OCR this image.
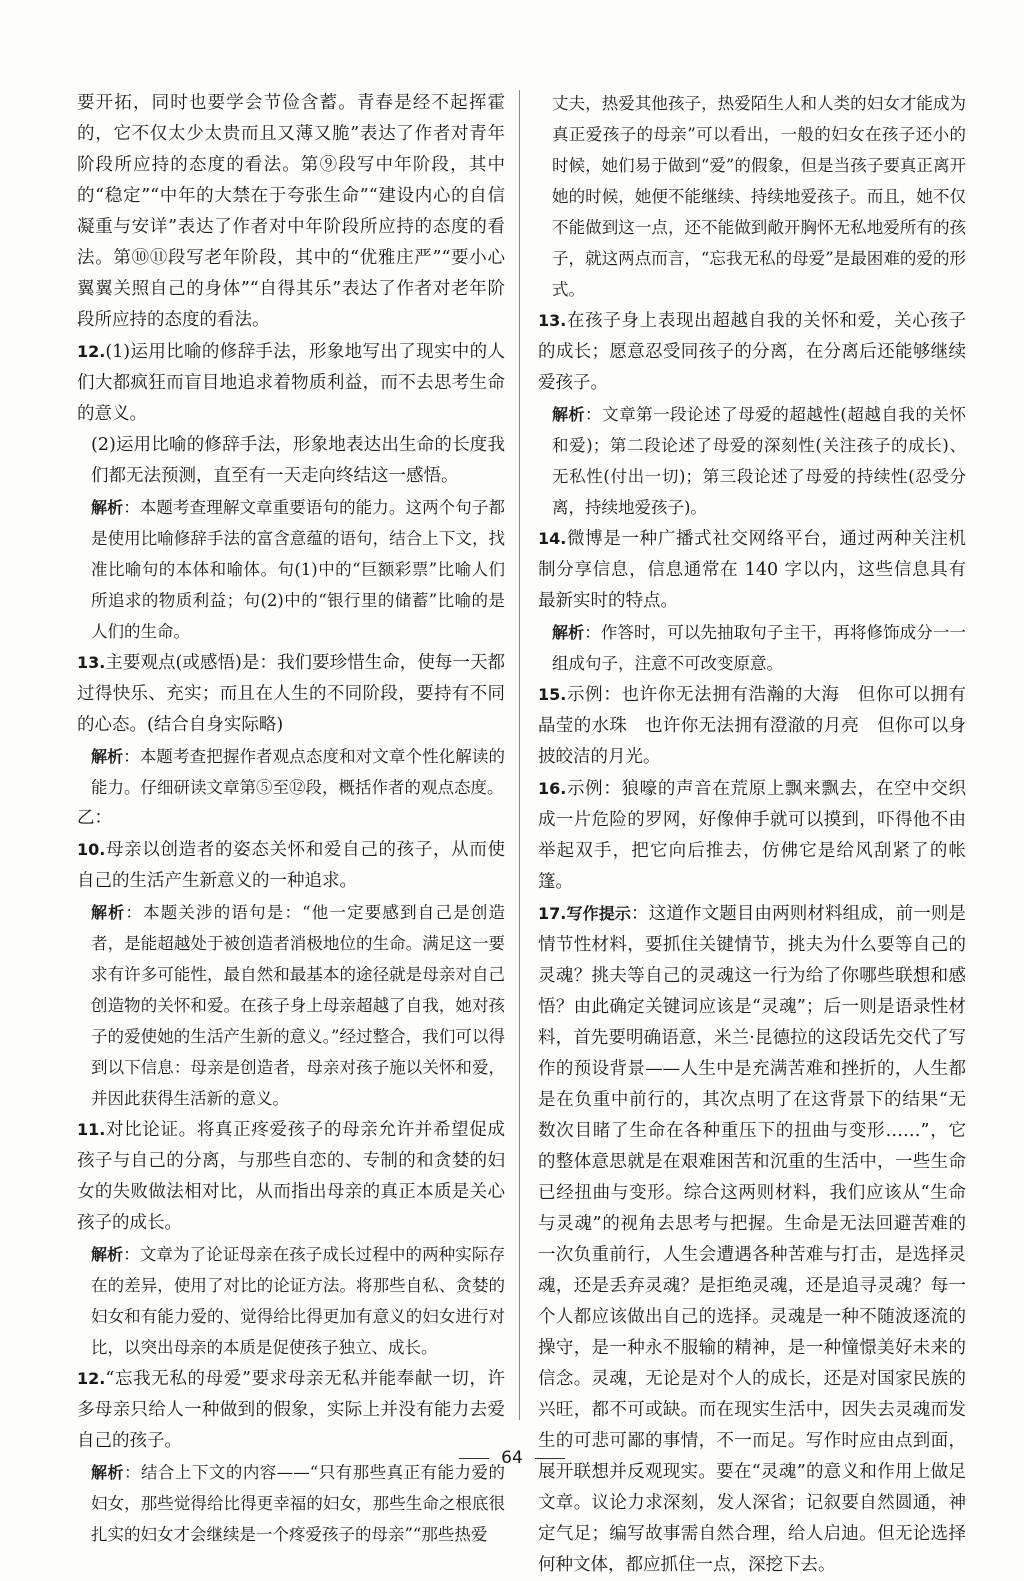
要开拓，同时也要学会节俭含蓄。青春是经不起挥霍的，它不仅太少太贵而且又薄又脆”表达了作者对青年阶段所应持的态度的看法。第⑨段写中年阶段，其中的“稳定”“中年的大禁在于夸张生命”“建设内心的自信凝重与安详”表达了作者对中年阶段所应持的态度的看法。第⑩⑪段写老年阶段，其中的“优雅庄严”“要小心翼翼关照自己的身体”“自得其乐”表达了作者对老年阶段所应持的态度的看法。

12.(1)运用比喻的修辞手法，形象地写出了现实中的人们大都疯狂而盲目地追求着物质利益，而不去思考生命的意义。

(2)运用比喻的修辞手法，形象地表达出生命的长度我们都无法预测，直至有一天走向终结这一感悟。

解析：本题考查理解文章重要语句的能力。这两个句子都是使用比喻修辞手法的富含意蕴的语句，结合上下文，找准比喻句的本体和喻体。句(1)中的“巨额彩票”比喻人们所追求的物质利益；句(2)中的“银行里的储蓄”比喻的是人们的生命。

13.主要观点(或感悟)是：我们要珍惜生命，使每一天都过得快乐、充实；而且在人生的不同阶段，要持有不同的心态。(结合自身实际略)

解析：本题考查把握作者观点态度和对文章个性化解读的能力。仔细研读文章第⑤至⑫段，概括作者的观点态度。

乙：

10.母亲以创造者的姿态关怀和爱自己的孩子，从而使自己的生活产生新意义的一种追求。

解析：本题关涉的语句是：“他一定要感到自己是创造者，是能超越处于被创造者消极地位的生命。满足这一要求有许多可能性，最自然和最基本的途径就是母亲对自己创造物的关怀和爱。在孩子身上母亲超越了自我，她对孩子的爱使她的生活产生新的意义。”经过整合，我们可以得到以下信息：母亲是创造者，母亲对孩子施以关怀和爱，并因此获得生活新的意义。

11.对比论证。将真正疼爱孩子的母亲允许并希望促成孩子与自己的分离，与那些自恋的、专制的和贪婪的妇女的失败做法相对比，从而指出母亲的真正本质是关心孩子的成长。

解析：文章为了论证母亲在孩子成长过程中的两种实际存在的差异，使用了对比的论证方法。将那些自私、贪婪的妇女和有能力爱的、觉得给比得更加有意义的妇女进行对比，以突出母亲的本质是促使孩子独立、成长。

12.“忘我无私的母爱”要求母亲无私并能奉献一切，许多母亲只给人一种做到的假象，实际上并没有能力去爱自己的孩子。

解析：结合上下文的内容——“只有那些真正有能力爱的妇女，那些觉得给比得更幸福的妇女，那些生命之根底很扎实的妇女才会继续是一个疼爱孩子的母亲”“那些热爱

丈夫，热爱其他孩子，热爱陌生人和人类的妇女才能成为真正爱孩子的母亲”可以看出，一般的妇女在孩子还小的时候，她们易于做到“爱”的假象，但是当孩子要真正离开她的时候，她便不能继续、持续地爱孩子。而且，她不仅不能做到这一点，还不能做到敞开胸怀无私地爱所有的孩子，就这两点而言，“忘我无私的母爱”是最困难的爱的形式。

13.在孩子身上表现出超越自我的关怀和爱，关心孩子的成长；愿意忍受同孩子的分离，在分离后还能够继续爱孩子。

解析：文章第一段论述了母爱的超越性(超越自我的关怀和爱)；第二段论述了母爱的深刻性(关注孩子的成长)、无私性(付出一切)；第三段论述了母爱的持续性(忍受分离，持续地爱孩子)。

14.微博是一种广播式社交网络平台，通过两种关注机制分享信息，信息通常在 140 字以内，这些信息具有最新实时的特点。

解析：作答时，可以先抽取句子主干，再将修饰成分一一组成句子，注意不可改变原意。

15.示例：也许你无法拥有浩瀚的大海　但你可以拥有晶莹的水珠　也许你无法拥有澄澈的月亮　但你可以身披皎洁的月光。

16.示例：狼嚎的声音在荒原上飘来飘去，在空中交织成一片危险的罗网，好像伸手就可以摸到，吓得他不由举起双手，把它向后推去，仿佛它是给风刮紧了的帐篷。

17.写作提示：这道作文题目由两则材料组成，前一则是情节性材料，要抓住关键情节，挑夫为什么要等自己的灵魂？挑夫等自己的灵魂这一行为给了你哪些联想和感悟？由此确定关键词应该是“灵魂”；后一则是语录性材料，首先要明确语意，米兰·昆德拉的这段话先交代了写作的预设背景——人生中是充满苦难和挫折的，人生都是在负重中前行的，其次点明了在这背景下的结果“无数次目睹了生命在各种重压下的扭曲与变形……”，它的整体意思就是在艰难困苦和沉重的生活中，一些生命已经扭曲与变形。综合这两则材料，我们应该从“生命与灵魂”的视角去思考与把握。生命是无法回避苦难的一次负重前行，人生会遭遇各种苦难与打击，是选择灵魂，还是丢弃灵魂？是拒绝灵魂，还是追寻灵魂？每一个人都应该做出自己的选择。灵魂是一种不随波逐流的操守，是一种永不服输的精神，是一种憧憬美好未来的信念。灵魂，无论是对个人的成长，还是对国家民族的兴旺，都不可或缺。而在现实生活中，因失去灵魂而发生的可悲可鄙的事情，不一而足。写作时应由点到面，展开联想并反观现实。要在“灵魂”的意义和作用上做足文章。议论力求深刻，发人深省；记叙要自然圆通，神定气足；编写故事需自然合理，给人启迪。但无论选择何种文体，都应抓住一点，深挖下去。

64
